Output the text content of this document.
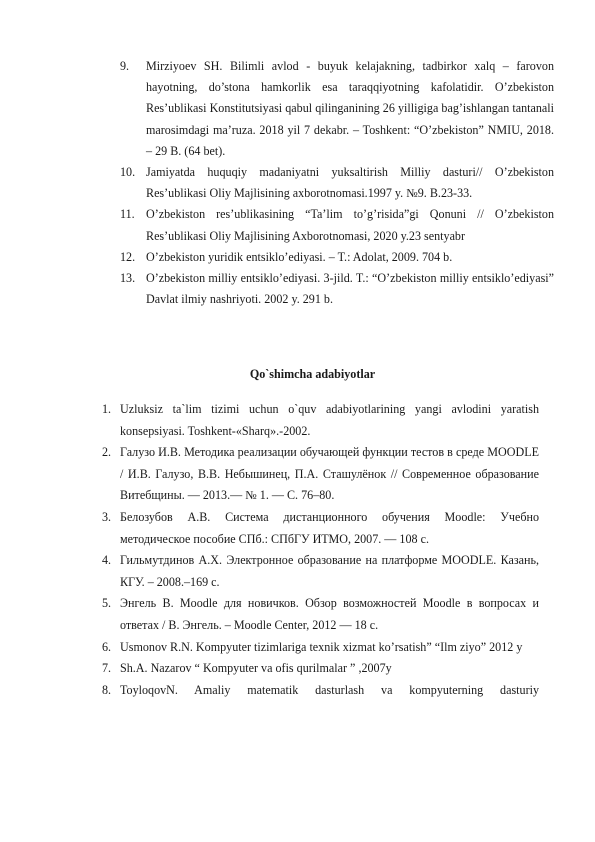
9. Mirziyoev SH. Bilimli avlod - buyuk kelajakning, tadbirkor xalq – farovon hayotning, do’stona hamkorlik esa taraqqiyotning kafolatidir. O’zbekiston Res’ublikasi Konstitutsiyasi qabul qilinganining 26 yilligiga bag’ishlangan tantanali marosimdagi ma’ruza. 2018 yil 7 dekabr. – Toshkent: “O’zbekiston” NMIU, 2018. – 29 B. (64 bet).
10. Jamiyatda huquqiy madaniyatni yuksaltirish Milliy dasturi// O’zbekiston Res’ublikasi Oliy Majlisining axborotnomasi.1997 y. №9. B.23-33.
11. O’zbekiston res’ublikasining “Ta’lim to’g’risida”gi Qonuni // O’zbekiston Res’ublikasi Oliy Majlisining Axborotnomasi, 2020 y.23 sentyabr
12. O’zbekiston yuridik entsiklo’ediyasi. – T.: Adolat, 2009. 704 b.
13. O’zbekiston milliy entsiklo’ediyasi. 3-jild. T.: “O’zbekiston milliy entsiklo’ediyasi” Davlat ilmiy nashriyoti. 2002 y. 291 b.
Qo`shimcha adabiyotlar
1. Uzluksiz ta`lim tizimi uchun o`quv adabiyotlarining yangi avlodini yaratish konsepsiyasi. Toshkent-«Sharq».-2002.
2. Галузо И.В. Методика реализации обучающей функции тестов в среде MOODLE / И.В. Галузо, В.В. Небышинец, П.А. Сташулёнок // Современное образование Витебщины. — 2013.— № 1. — С. 76–80.
3. Белозубов А.В. Система дистанционного обучения Moodle: Учебно методическое пособие СПб.: СПбГУ ИТМО, 2007. — 108 с.
4. Гильмутдинов А.Х. Электронное образование на платформе MOODLE. Казань, КГУ. – 2008.–169 с.
5. Энгель В. Moodle для новичков. Обзор возможностей Moodle в вопросах и ответах / В. Энгель. – Moodle Center, 2012 — 18 с.
6. Usmonov R.N. Kompyuter tizimlariga texnik xizmat ko’rsatish” “Ilm ziyo” 2012 y
7. Sh.A. Nazarov “ Kompyuter va ofis qurilmalar ” ,2007y
8. ToyloqovN. Amaliy matematik dasturlash va kompyuterning dasturiy
